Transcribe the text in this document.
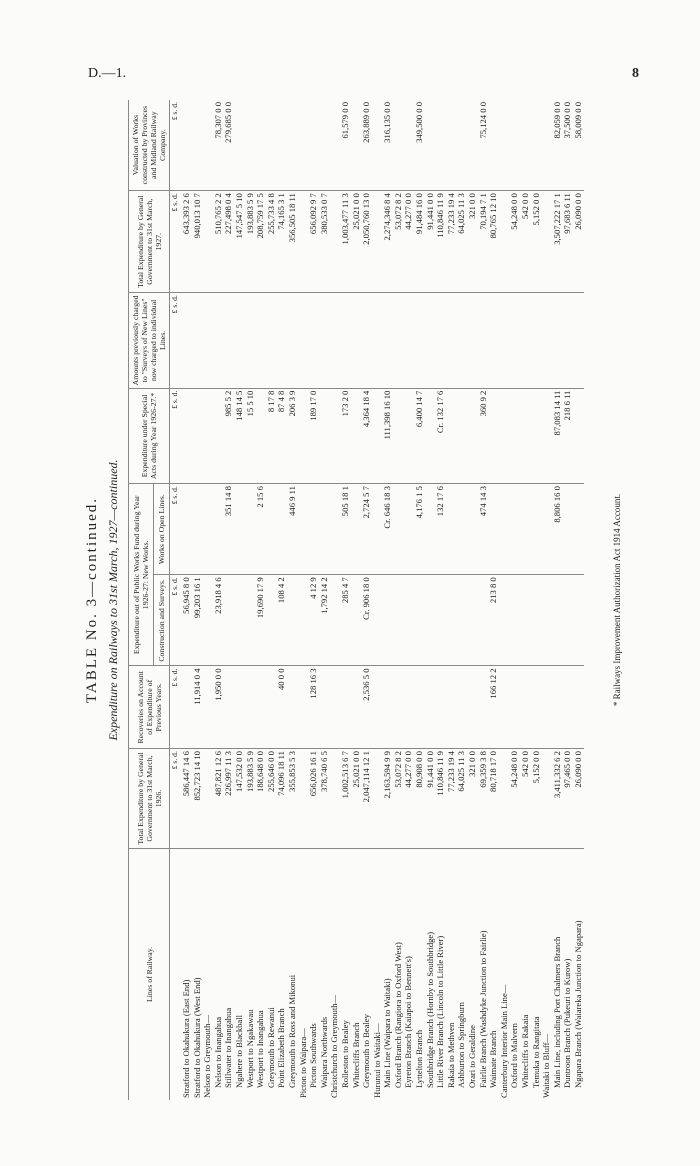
D.—1.	8
TABLE No. 3—continued. Expenditure on Railways to 31st March, 1927—continued.
Lines of Railway.	Total Expenditure by General Government to 31st March, 1926.	Recoveries on Account of Expenditure of Previous Years.	Expenditure out of Public Works Fund during Year 1926-27: New Works.		Expenditure under Special Acts during Year 1926-27.*	Amounts previously charged to "Surveys of New Lines" now charged to individual Lines.	Total Expenditure by General Government to 31st March, 1927.	Valuation of Works constructed by Provinces and Midland Railway Company.
			Construction and Surveys.	Works on Open Lines.				
	£ s. d.	£ s. d.	£ s. d.	£ s. d.	£ s. d.	£ s. d.	£ s. d.	£ s. d.
Stratford to Okahukura (East End)	586,447 14 6		56,945 8 0				643,393 2 6	
Stratford to Okahukura (West End)	852,723 14 10	11,914 0 4	99,203 16 1				940,013 10 7	
Nelson to Greymouth—								
Nelson to Inangahua	487,821 12 6	1,950 0 0	23,918 4 6				510,765 2 2	78,307 0 0
Stillwater to Inangahua	226,997 11 3			351 14 8	985 5 2		227,498 0 4	279,685 0 0
Ngahere to Blackball	147,532 0 0				148 14 5		147,547 5 10	
Westport to Ngakawau	193,883 5 9				15 5 10		193,883 5 9	
Westport to Inangahua	188,648 0 0		19,690 17 9	2 15 6			208,759 17 5	
Greymouth to Rewanui	255,646 0 0				8 17 8		255,733 4 8	
Point Elizabeth Branch	74,096 18 11	40 0 0	108 4 2		87 4 8		74,165 3 1	
Greymouth to Ross and Mikonui	355,853 5 3			446 9 11	206 3 9		356,505 18 11	
Picton to Waipara—								
Picton Southwards	656,026 16 1	128 16 3	4 12 9		189 17 0		656,092 9 7	
Waipara Northwards	378,740 6 5		1,792 14 2				380,533 0 7	
Christchurch to Greymouth—								
Rolleston to Bealey	1,002,513 6 7		285 4 7	505 18 1	173 2 0		1,003,477 11 3	61,579 0 0
Whitecliffs Branch	25,021 0 0						25,021 0 0	
Greymouth to Bealey	2,047,114 12 1	2,536 5 0	Cr. 906 18 0	2,724 5 7	4,364 18 4		2,050,760 13 0	263,889 0 0
Hurunui to Waitaki—								
Main Line (Waipara to Waitaki)	2,163,594 9 9			Cr. 646 18 3	111,398 16 10		2,274,346 8 4	316,135 0 0
Oxford Branch (Rangiora to Oxford West)	53,072 8 2						53,072 8 2	
Eyreton Branch (Kaiapoi to Bennett's)	44,277 0 0						44,277 0 0	
Lyttelton Branch	80,908 0 0			4,176 1 5	6,400 14 7		91,484 16 0	349,500 0 0
Southbridge Branch (Hornby to Southbridge)	91,441 0 0						91,441 0 0	
Little River Branch (Lincoln to Little River)	110,846 11 9			132 17 6	Cr. 132 17 6		110,846 11 9	
Rakaia to Methven	77,233 19 4						77,233 19 4	
Ashburton to Springburn	64,025 11 3						64,025 11 3	
Orari to Geraldine	321 0 0						321 0 0	
Fairlie Branch (Washdyke Junction to Fairlie)	69,359 3 8			474 14 3	360 9 2		70,194 7 1	75,124 0 0
Waimate Branch	80,718 17 0	166 12 2	213 8 0				80,765 12 10	
Canterbury Interior Main Line—								
Oxford to Malvern	54,248 0 0						54,248 0 0	
Whitecliffs to Rakaia	542 0 0						542 0 0	
Temuka to Rangitata	5,152 0 0						5,152 0 0	
Waitaki to Bluff—								
Main Line, including Port Chalmers Branch	3,411,332 6 2			8,806 16 0	87,083 14 11		3,507,222 17 1	82,059 0 0
Duntroon Branch (Pukeuri to Kurow)	97,465 0 0				218 6 11		97,683 6 11	37,500 0 0
Ngapara Branch (Waiareka Junction to Ngapara)	26,090 0 0						26,090 0 0	58,009 0 0
* Railways Improvement Authorization Act 1914 Account.
